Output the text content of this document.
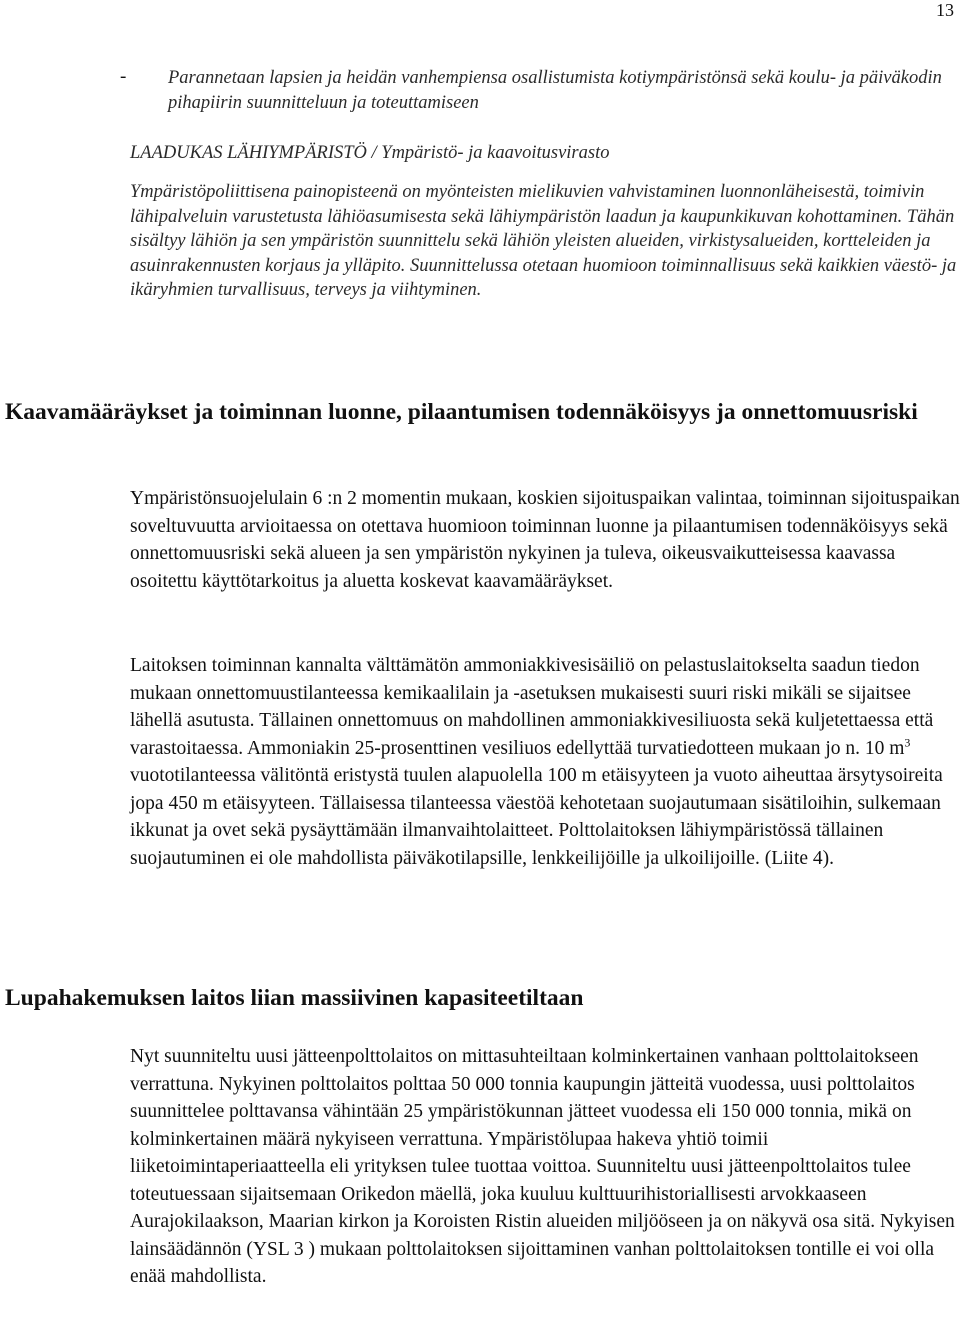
13
- Parannetaan lapsien ja heidän vanhempiensa osallistumista kotiympäristönsä sekä koulu- ja päiväkodin pihapiirin suunnitteluun ja toteuttamiseen
LAADUKAS LÄHIYMPÄRISTÖ / Ympäristö- ja kaavoitusvirasto
Ympäristöpoliittisena painopisteenä on myönteisten mielikuvien vahvistaminen luonnonläheisestä, toimivin lähipalveluin varustetusta lähiöasumisesta sekä lähiympäristön laadun ja kaupunkikuvan kohottaminen. Tähän sisältyy lähiön ja sen ympäristön suunnittelu sekä lähiön yleisten alueiden, virkistysalueiden, kortteleiden ja asuinrakennusten korjaus ja ylläpito. Suunnittelussa otetaan huomioon toiminnallisuus sekä kaikkien väestö- ja ikäryhmien turvallisuus, terveys ja viihtyminen.
Kaavamääräykset ja toiminnan luonne, pilaantumisen todennäköisyys ja onnettomuusriski
Ympäristönsuojelulain 6 :n 2 momentin mukaan, koskien sijoituspaikan valintaa, toiminnan sijoituspaikan soveltuvuutta arvioitaessa on otettava huomioon toiminnan luonne ja pilaantumisen todennäköisyys sekä onnettomuusriski sekä alueen ja sen ympäristön nykyinen ja tuleva, oikeusvaikutteisessa kaavassa osoitettu käyttötarkoitus ja aluetta koskevat kaavamääräykset.
Laitoksen toiminnan kannalta välttämätön ammoniakkivesisäiliö on pelastuslaitokselta saadun tiedon mukaan onnettomuustilanteessa kemikaalilain ja -asetuksen mukaisesti suuri riski mikäli se sijaitsee lähellä asutusta. Tällainen onnettomuus on mahdollinen ammoniakkivesiliuosta sekä kuljetettaessa että varastoitaessa. Ammoniakin 25-prosenttinen vesiliuos edellyttää turvatiedotteen mukaan jo n. 10 $m^3$ vuototilanteessa välitöntä eristystä tuulen alapuolella 100 m etäisyyteen ja vuoto aiheuttaa ärsytysoireita jopa 450 m etäisyyteen. Tällaisessa tilanteessa väestöä kehotetaan suojautumaan sisätiloihin, sulkemaan ikkunat ja ovet sekä pysäyttämään ilmanvaihtolaitteet. Polttolaitoksen lähiympäristössä tällainen suojautuminen ei ole mahdollista päiväkotilapsille, lenkkeilijöille ja ulkoilijoille. (Liite 4).
Lupahakemuksen laitos liian massiivinen kapasiteetiltaan
Nyt suunniteltu uusi jätteenpolttolaitos on mittasuhteiltaan kolminkertainen vanhaan polttolaitokseen verrattuna. Nykyinen polttolaitos polttaa 50 000 tonnia kaupungin jätteitä vuodessa, uusi polttolaitos suunnittelee polttavansa vähintään 25 ympäristökunnan jätteet vuodessa eli 150 000 tonnia, mikä on kolminkertainen määrä nykyiseen verrattuna. Ympäristölupaa hakeva yhtiö toimii liiketoimintaperiaatteella eli yrityksen tulee tuottaa voittoa. Suunniteltu uusi jätteenpolttolaitos tulee toteutuessaan sijaitsemaan Orikedon mäellä, joka kuuluu kulttuurihistoriallisesti arvokkaaseen Aurajokilaakson, Maarian kirkon ja Koroisten Ristin alueiden miljööseen ja on näkyvä osa sitä. Nykyisen lainsäädännön (YSL 3 ) mukaan polttolaitoksen sijoittaminen vanhan polttolaitoksen tontille ei voi olla enää mahdollista.
